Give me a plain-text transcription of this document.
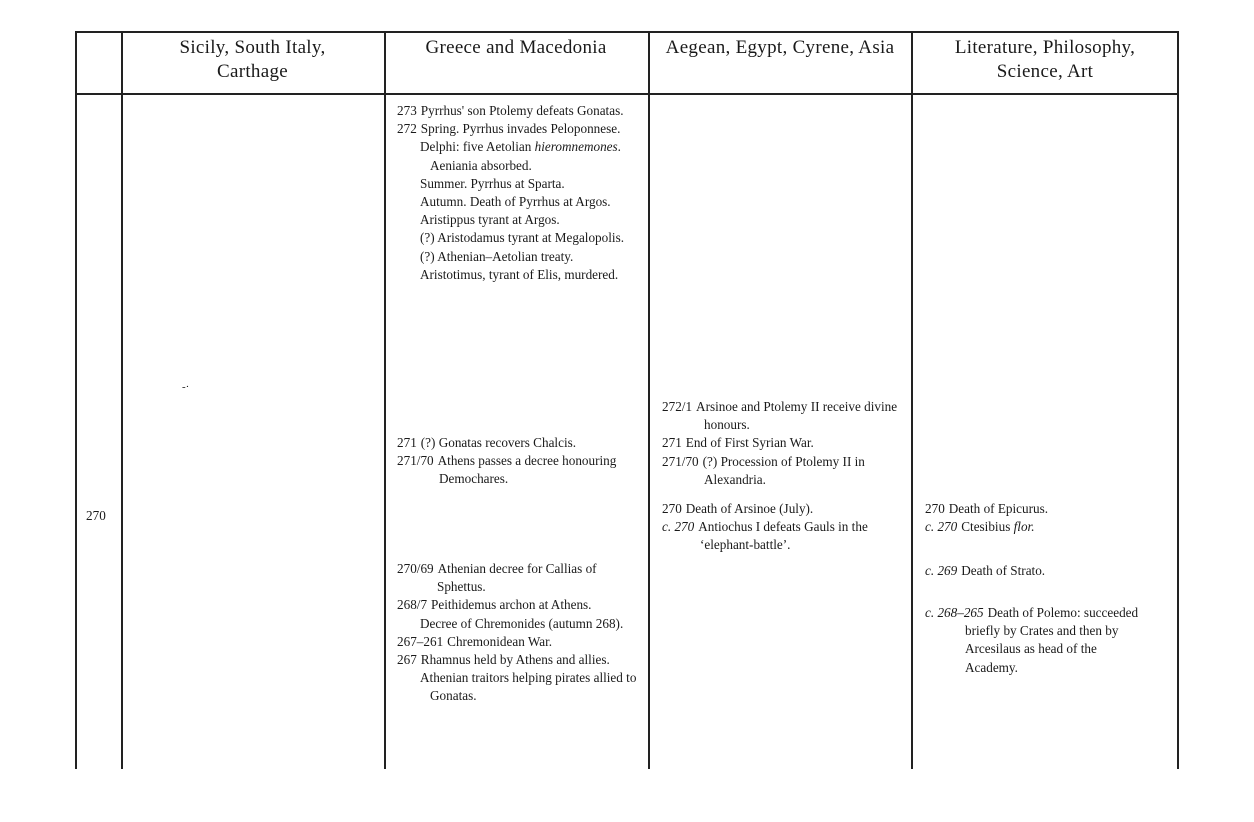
Sicily, South Italy, Carthage
Greece and Macedonia	Aegean, Egypt, Cyrene, Asia	Literature, Philosophy, Science, Art
270
-·
273 Pyrrhus' son Ptolemy defeats Gonatas.
272 Spring. Pyrrhus invades Peloponnese.
Delphi: five Aetolian hieromnemones. Aeniania absorbed.
Summer. Pyrrhus at Sparta.
Autumn. Death of Pyrrhus at Argos.
Aristippus tyrant at Argos.
(?) Aristodamus tyrant at Megalopolis.
(?) Athenian–Aetolian treaty.
Aristotimus, tyrant of Elis, murdered.
271 (?) Gonatas recovers Chalcis.
271/70 Athens passes a decree honouring Demochares.
270/69 Athenian decree for Callias of Sphettus.
268/7 Peithidemus archon at Athens.
Decree of Chremonides (autumn 268).
267–261 Chremonidean War.
267 Rhamnus held by Athens and allies.
Athenian traitors helping pirates allied to Gonatas.
272/1 Arsinoe and Ptolemy II receive divine honours.
271 End of First Syrian War.
271/70 (?) Procession of Ptolemy II in Alexandria.
270 Death of Arsinoe (July).
c. 270 Antiochus I defeats Gauls in the ‘elephant-battle’.
270 Death of Epicurus.
c. 270 Ctesibius flor.
c. 269 Death of Strato.
c. 268–265 Death of Polemo: succeeded briefly by Crates and then by Arcesilaus as head of the Academy.
